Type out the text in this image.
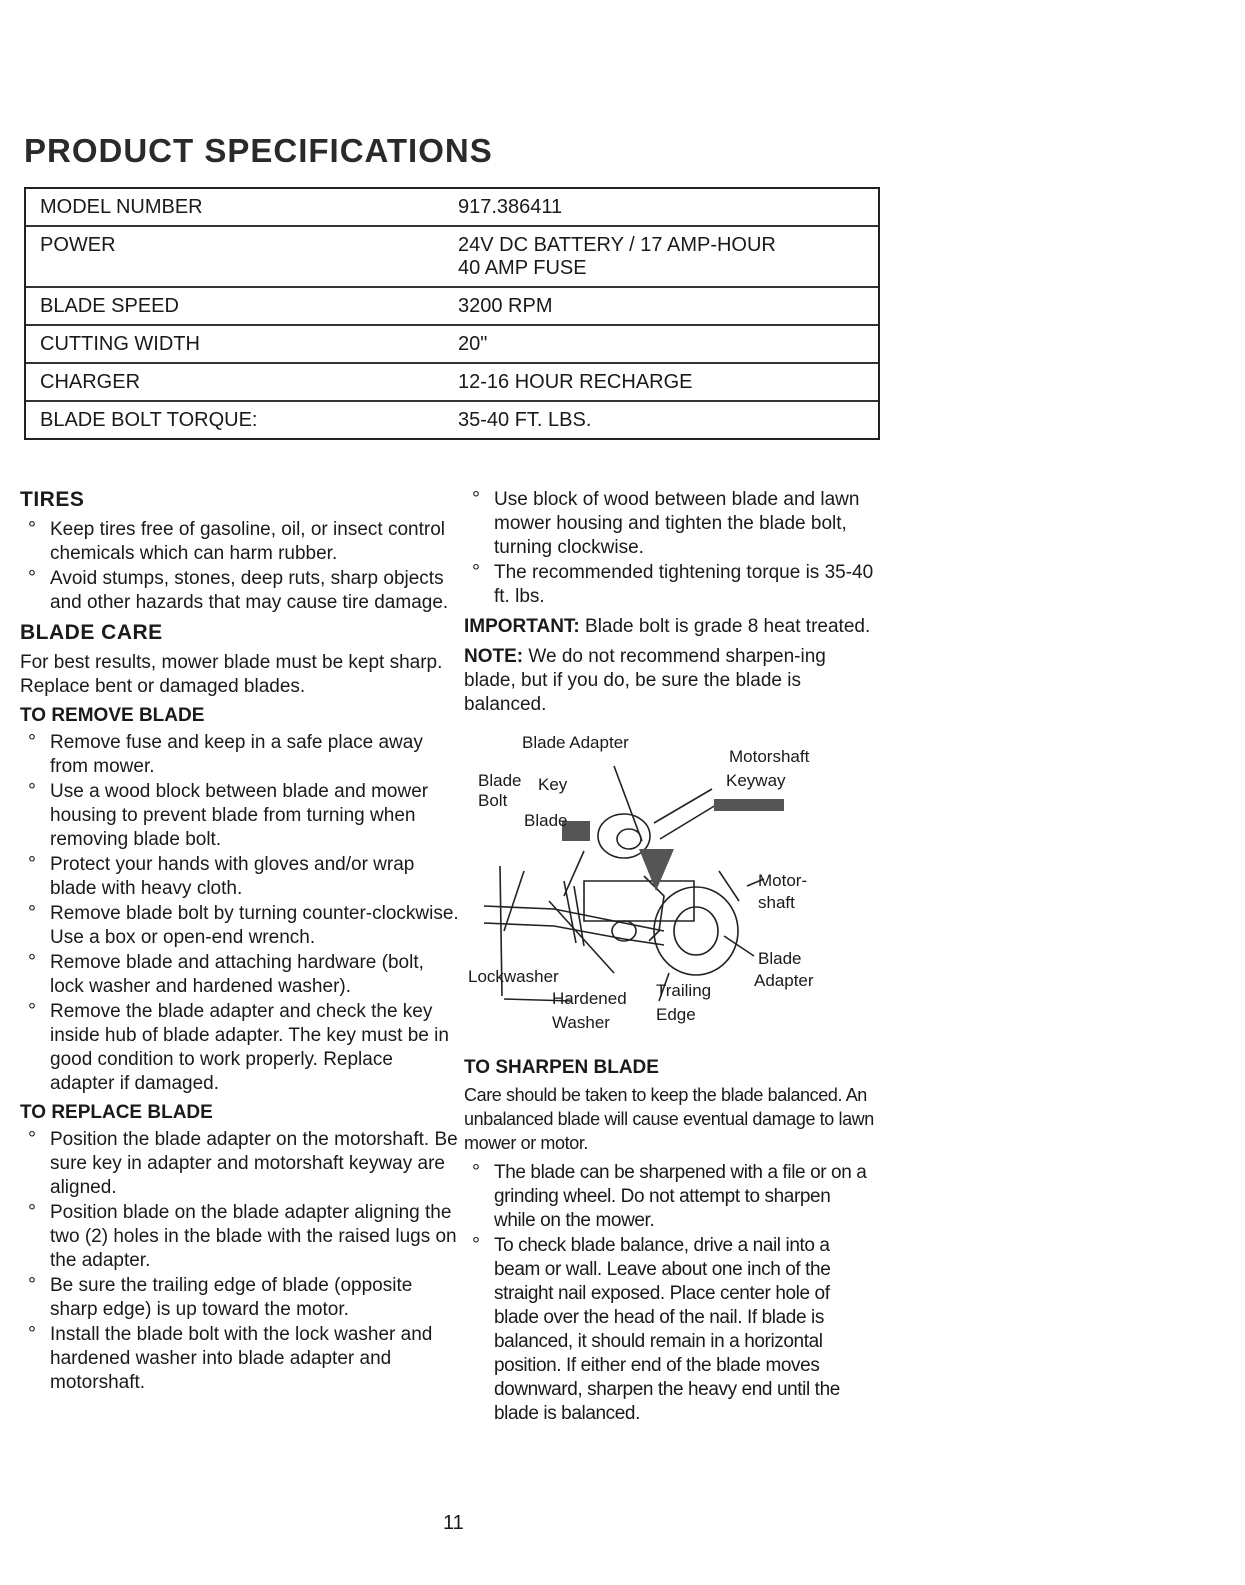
PRODUCT SPECIFICATIONS
MODEL NUMBER	917.386411
POWER	24V DC BATTERY / 17 AMP-HOUR
40 AMP FUSE
BLADE SPEED	3200 RPM
CUTTING WIDTH	20"
CHARGER	12-16 HOUR RECHARGE
BLADE BOLT TORQUE:	35-40 FT. LBS.
TIRES
° Keep tires free of gasoline, oil, or insect control chemicals which can harm rubber.
° Avoid stumps, stones, deep ruts, sharp objects and other hazards that may cause tire damage.
BLADE CARE

For best results, mower blade must be kept sharp. Replace bent or damaged blades.

TO REMOVE BLADE
° Remove fuse and keep in a safe place away from mower.
° Use a wood block between blade and mower housing to prevent blade from turning when removing blade bolt.
° Protect your hands with gloves and/or wrap blade with heavy cloth.
° Remove blade bolt by turning counter-clockwise. Use a box or open-end wrench.
° Remove blade and attaching hardware (bolt, lock washer and hardened washer).
° Remove the blade adapter and check the key inside hub of blade adapter. The key must be in good condition to work properly. Replace adapter if damaged.
TO REPLACE BLADE
° Position the blade adapter on the motorshaft. Be sure key in adapter and motorshaft keyway are aligned.
° Position blade on the blade adapter aligning the two (2) holes in the blade with the raised lugs on the adapter.
° Be sure the trailing edge of blade (opposite sharp edge) is up toward the motor.
° Install the blade bolt with the lock washer and hardened washer into blade adapter and motorshaft.
° Use block of wood between blade and lawn mower housing and tighten the blade bolt, turning clockwise.
° The recommended tightening torque is 35-40 ft. lbs.

IMPORTANT: Blade bolt is grade 8 heat treated.

NOTE: We do not recommend sharpen-ing blade, but if you do, be sure the blade is balanced.

Blade Adapter
Motorshaft
Blade
Bolt
Key	Keyway
Blade
Motor-
shaft
Blade
Adapter
Lockwasher
Hardened
Washer
Trailing
Edge
TO SHARPEN BLADE

Care should be taken to keep the blade balanced. An unbalanced blade will cause eventual damage to lawn mower or motor.

° The blade can be sharpened with a file or on a grinding wheel. Do not attempt to sharpen while on the mower.
° To check blade balance, drive a nail into a beam or wall. Leave about one inch of the straight nail exposed. Place center hole of blade over the head of the nail. If blade is balanced, it should remain in a horizontal position. If either end of the blade moves downward, sharpen the heavy end until the blade is balanced.
11
